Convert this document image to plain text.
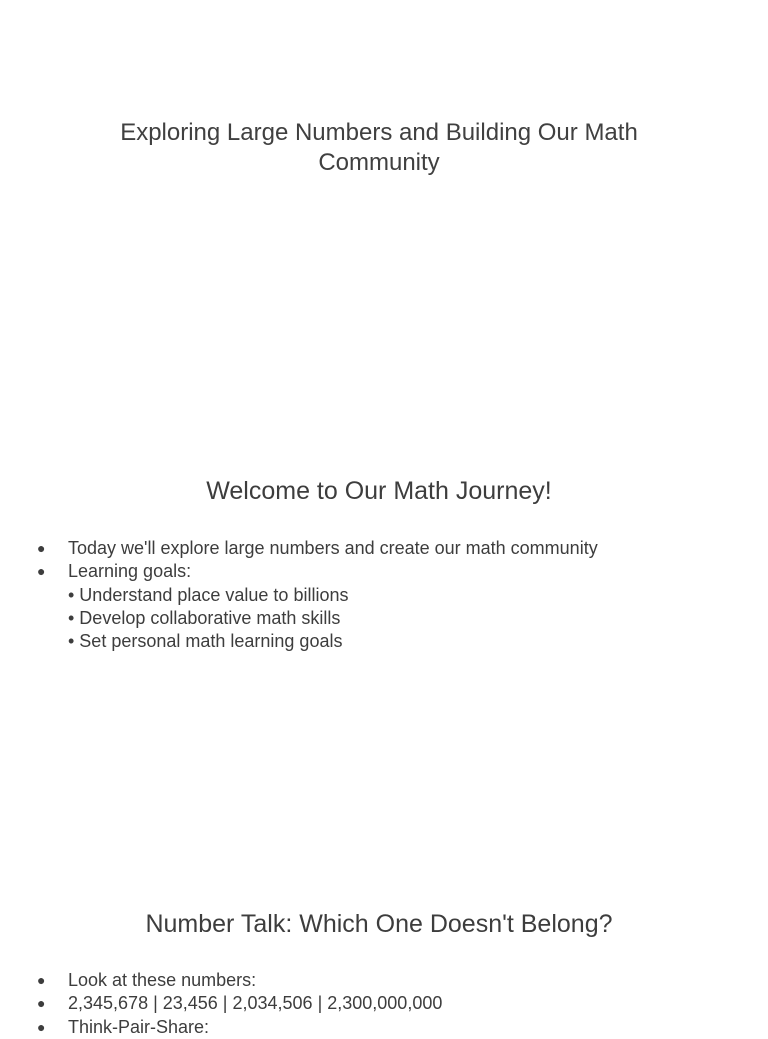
Exploring Large Numbers and Building Our Math Community
Welcome to Our Math Journey!
● Today we'll explore large numbers and create our math community
● Learning goals:
• Understand place value to billions
• Develop collaborative math skills
• Set personal math learning goals
Number Talk: Which One Doesn't Belong?
● Look at these numbers:
● 2,345,678 | 23,456 | 2,034,506 | 2,300,000,000
● Think-Pair-Share:
